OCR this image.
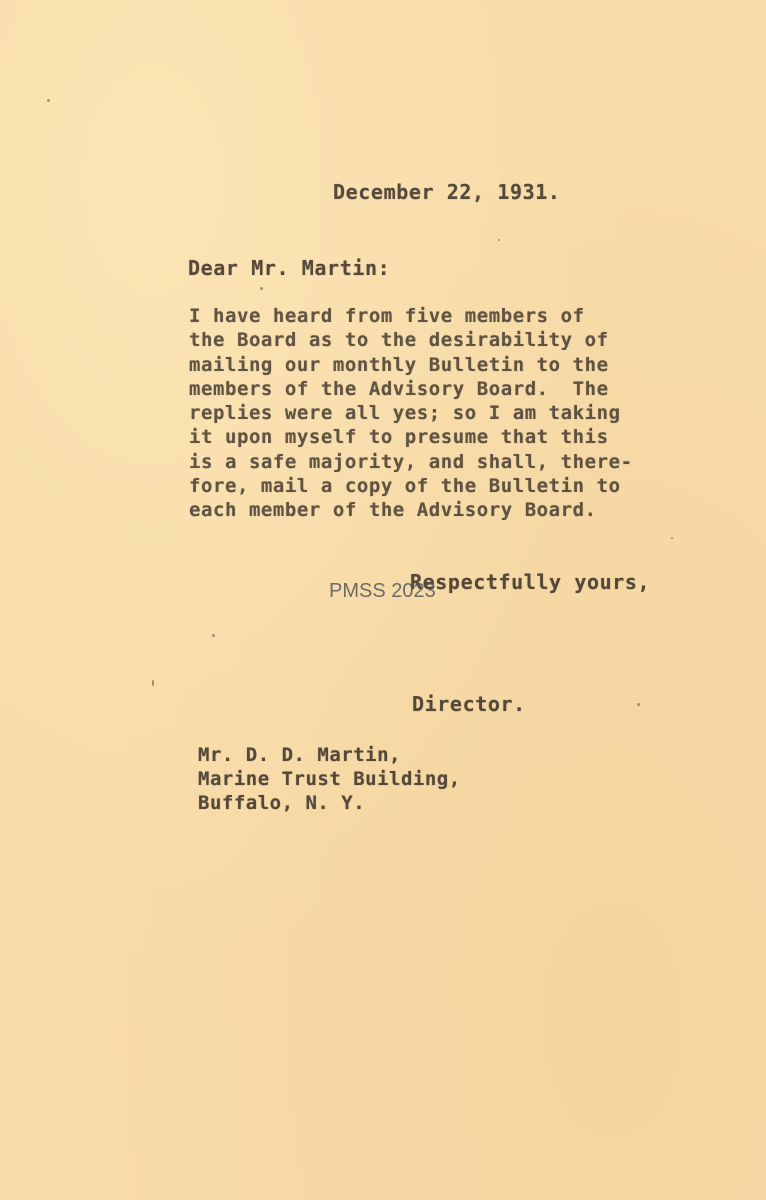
December 22, 1931.
Dear Mr. Martin:
I have heard from five members of
the Board as to the desirability of
mailing our monthly Bulletin to the
members of the Advisory Board.  The
replies were all yes; so I am taking
it upon myself to presume that this
is a safe majority, and shall, there-
fore, mail a copy of the Bulletin to
each member of the Advisory Board.
Respectfully yours,
PMSS 2023
Director.
Mr. D. D. Martin,
Marine Trust Building,
Buffalo, N. Y.
